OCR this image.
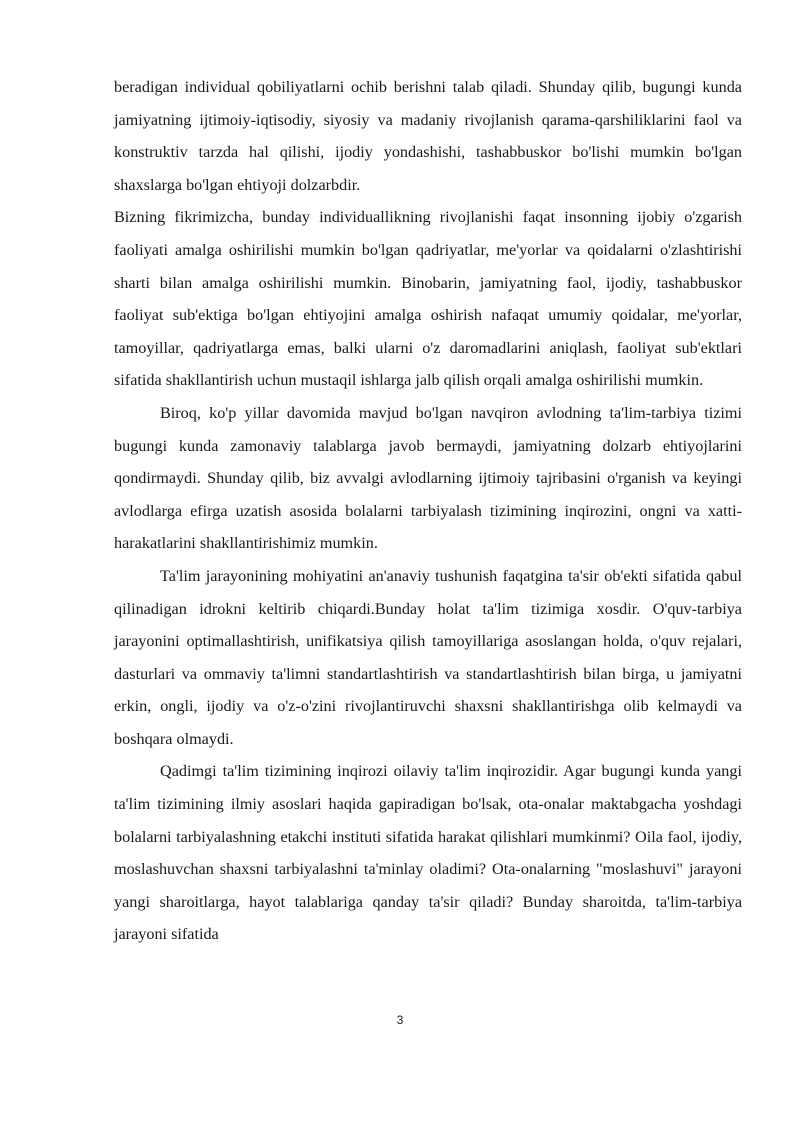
beradigan individual qobiliyatlarni ochib berishni talab qiladi. Shunday qilib, bugungi kunda jamiyatning ijtimoiy-iqtisodiy, siyosiy va madaniy rivojlanish qarama-qarshiliklarini faol va konstruktiv tarzda hal qilishi, ijodiy yondashishi, tashabbuskor bo'lishi mumkin bo'lgan shaxslarga bo'lgan ehtiyoji dolzarbdir.

Bizning fikrimizcha, bunday individuallikning rivojlanishi faqat insonning ijobiy o'zgarish faoliyati amalga oshirilishi mumkin bo'lgan qadriyatlar, me'yorlar va qoidalarni o'zlashtirishi sharti bilan amalga oshirilishi mumkin. Binobarin, jamiyatning faol, ijodiy, tashabbuskor faoliyat sub'ektiga bo'lgan ehtiyojini amalga oshirish nafaqat umumiy qoidalar, me'yorlar, tamoyillar, qadriyatlarga emas, balki ularni o'z daromadlarini aniqlash, faoliyat sub'ektlari sifatida shakllantirish uchun mustaqil ishlarga jalb qilish orqali amalga oshirilishi mumkin.

Biroq, ko'p yillar davomida mavjud bo'lgan navqiron avlodning ta'lim-tarbiya tizimi bugungi kunda zamonaviy talablarga javob bermaydi, jamiyatning dolzarb ehtiyojlarini qondirmaydi. Shunday qilib, biz avvalgi avlodlarning ijtimoiy tajribasini o'rganish va keyingi avlodlarga efirga uzatish asosida bolalarni tarbiyalash tizimining inqirozini, ongni va xatti-harakatlarini shakllantirishimiz mumkin.

Ta'lim jarayonining mohiyatini an'anaviy tushunish faqatgina ta'sir ob'ekti sifatida qabul qilinadigan idrokni keltirib chiqardi.Bunday holat ta'lim tizimiga xosdir. O'quv-tarbiya jarayonini optimallashtirish, unifikatsiya qilish tamoyillariga asoslangan holda, o'quv rejalari, dasturlari va ommaviy ta'limni standartlashtirish va standartlashtirish bilan birga, u jamiyatni erkin, ongli, ijodiy va o'z-o'zini rivojlantiruvchi shaxsni shakllantirishga olib kelmaydi va boshqara olmaydi.

Qadimgi ta'lim tizimining inqirozi oilaviy ta'lim inqirozidir. Agar bugungi kunda yangi ta'lim tizimining ilmiy asoslari haqida gapiradigan bo'lsak, ota-onalar maktabgacha yoshdagi bolalarni tarbiyalashning etakchi instituti sifatida harakat qilishlari mumkinmi? Oila faol, ijodiy, moslashuvchan shaxsni tarbiyalashni ta'minlay oladimi? Ota-onalarning "moslashuvi" jarayoni yangi sharoitlarga, hayot talablariga qanday ta'sir qiladi? Bunday sharoitda, ta'lim-tarbiya jarayoni sifatida

3
